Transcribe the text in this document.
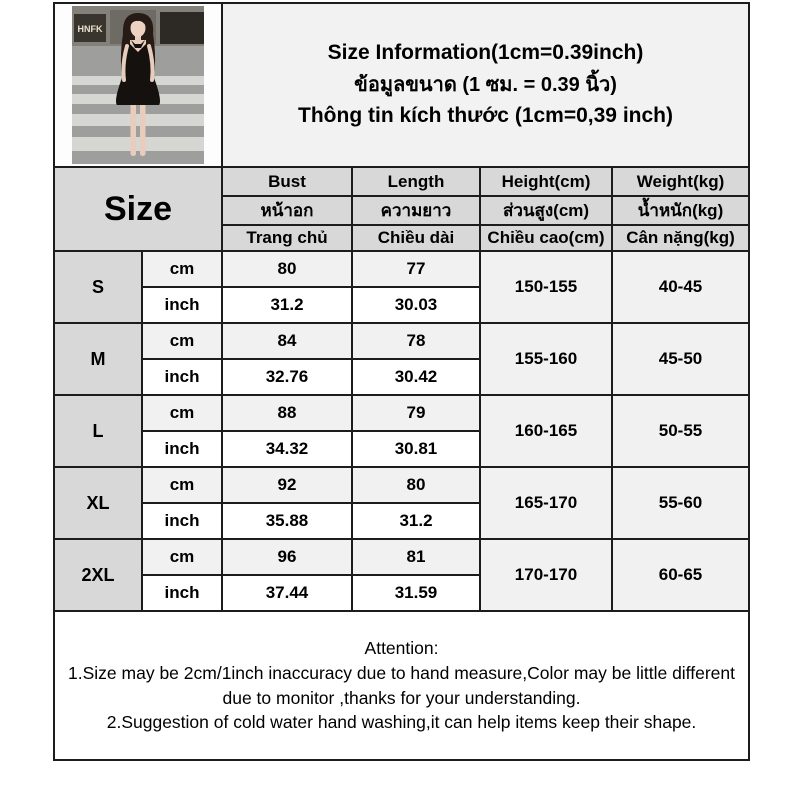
HNFK		Size Information(1cm=0.39inch)
ข้อมูลขนาด (1 ซม. = 0.39 นิ้ว)
Thông tin kích thước (1cm=0,39 inch)			

Size		Bust	Length	Height(cm)	Weight(kg)
		หน้าอก	ความยาว	ส่วนสูง(cm)	น้ำหนัก(kg)
		Trang chủ	Chiều dài	Chiều cao(cm)	Cân nặng(kg)
S	cm	80	77	150-155	40-45
	inch	31.2	30.03		
M	cm	84	78	155-160	45-50
	inch	32.76	30.42		
L	cm	88	79	160-165	50-55
	inch	34.32	30.81		
XL	cm	92	80	165-170	55-60
	inch	35.88	31.2		
2XL	cm	96	81	170-170	60-65
	inch	37.44	31.59		

Attention:
1.Size may be 2cm/1inch inaccuracy due to hand measure,Color may be little different due to monitor ,thanks for your understanding.
2.Suggestion of cold water hand washing,it can help items keep their shape.					
